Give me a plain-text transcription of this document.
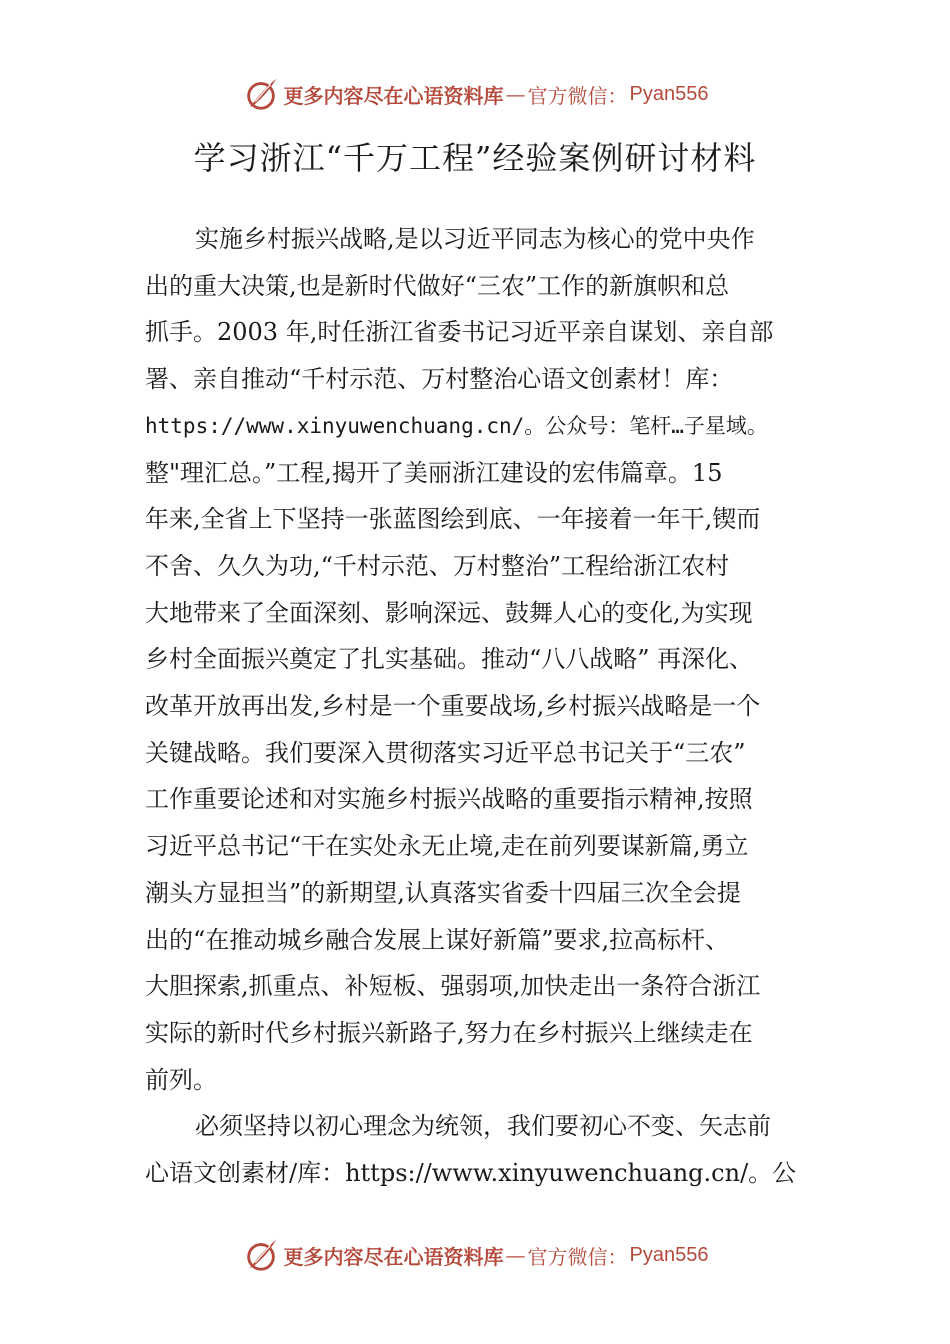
更多内容尽在心语资料库 — 官方微信： Pyan556
学习浙江“千万工程”经验案例研讨材料
实施乡村振兴战略,是以习近平同志为核心的党中央作
出的重大决策,也是新时代做好“三农”工作的新旗帜和总
抓手。2003 年,时任浙江省委书记习近平亲自谋划、亲自部
署、亲自推动“千村示范、万村整治心语文创素材！库：
https://www.xinyuwenchuang.cn/。公众号：笔杆…子星域。
整"理汇总。”工程,揭开了美丽浙江建设的宏伟篇章。15
年来,全省上下坚持一张蓝图绘到底、一年接着一年干,锲而
不舍、久久为功,“千村示范、万村整治”工程给浙江农村
大地带来了全面深刻、影响深远、鼓舞人心的变化,为实现
乡村全面振兴奠定了扎实基础。推动“八八战略” 再深化、
改革开放再出发,乡村是一个重要战场,乡村振兴战略是一个
关键战略。我们要深入贯彻落实习近平总书记关于“三农”
工作重要论述和对实施乡村振兴战略的重要指示精神,按照
习近平总书记“干在实处永无止境,走在前列要谋新篇,勇立
潮头方显担当”的新期望,认真落实省委十四届三次全会提
出的“在推动城乡融合发展上谋好新篇”要求,拉高标杆、
大胆探索,抓重点、补短板、强弱项,加快走出一条符合浙江
实际的新时代乡村振兴新路子,努力在乡村振兴上继续走在
前列。
必须坚持以初心理念为统领，我们要初心不变、矢志前
心语文创素材/库：https://www.xinyuwenchuang.cn/。公
更多内容尽在心语资料库 — 官方微信： Pyan556
